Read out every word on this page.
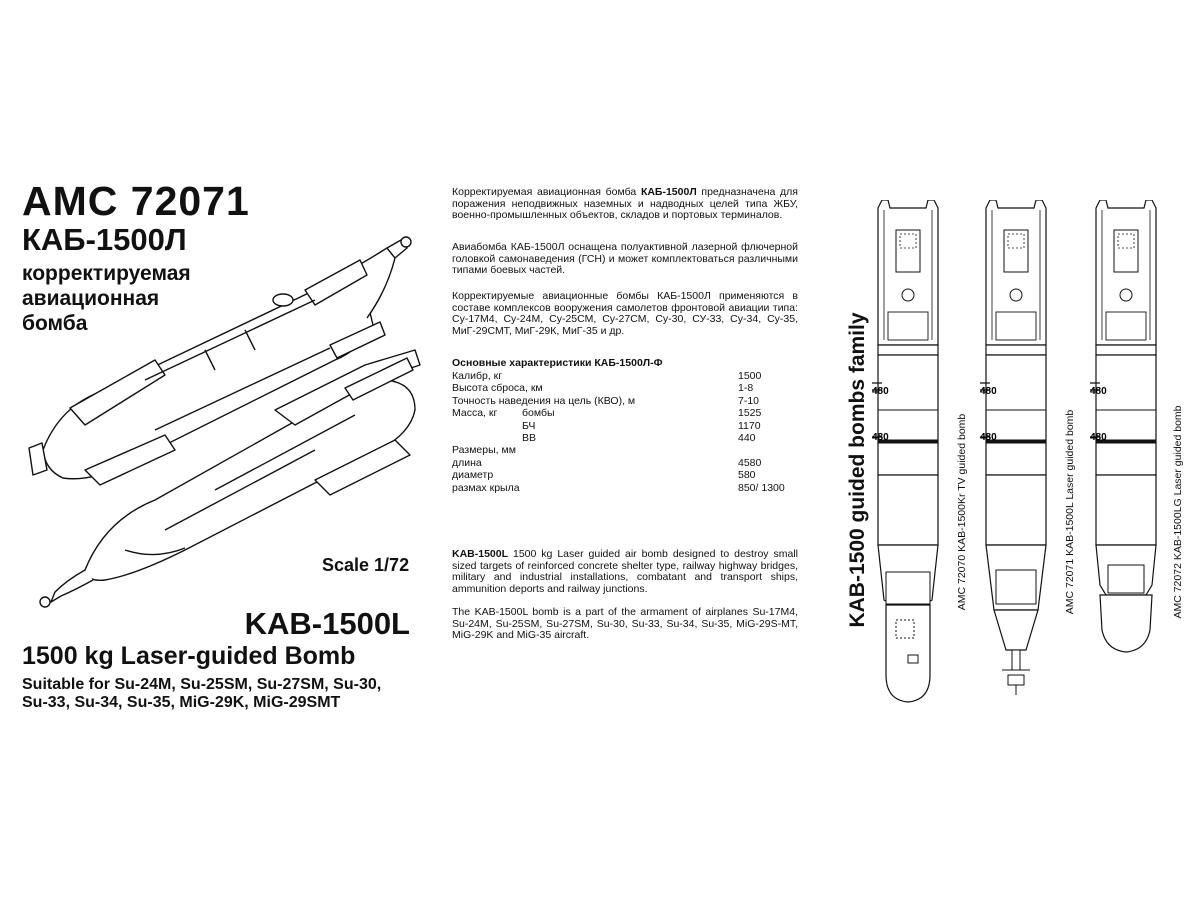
AMC 72071
КАБ-1500Л
корректируемая
авиационная
бомба
Scale 1/72
KAB-1500L
1500 kg Laser-guided Bomb
Suitable for Su-24M, Su-25SM, Su-27SM, Su-30,
Su-33, Su-34, Su-35, MiG-29K, MiG-29SMT
Корректируемая авиационная бомба КАБ-1500Л предназначена для поражения неподвижных наземных и надводных целей типа ЖБУ, военно-промышленных объектов, складов и портовых терминалов.
Авиабомба КАБ-1500Л оснащена полуактивной лазерной флючерной головкой самонаведения (ГСН) и может комплектоваться различными типами боевых частей.
Корректируемые авиационные бомбы КАБ-1500Л применяются в составе комплексов вооружения самолетов фронтовой авиации типа: Су-17М4, Су-24М, Су-25СМ, Су-27СМ, Су-30, СУ-33, Су-34, Су-35, МиГ-29СМТ, МиГ-29К, МиГ-35 и др.
Основные характеристики КАБ-1500Л-Ф
Калибр, кг	1500
Высота сброса, км	1-8
Точность наведения на цель (КВО), м	7-10
Масса, кг бомбы	1525
БЧ	1170
ВВ	440
Размеры, мм
длина	4580
диаметр	580
размах крыла	850/ 1300
KAB-1500L 1500 kg Laser guided air bomb designed to destroy small sized targets of reinforced concrete shelter type, railway highway bridges, military and industrial installations, combatant and transport ships, ammunition deports and railway junctions.
The KAB-1500L bomb is a part of the armament of airplanes Su-17M4, Su-24M, Su-25SM, Su-27SM, Su-30, Su-33, Su-34, Su-35, MiG-29S-MT, MiG-29K and MiG-35 aircraft.
KAB-1500 guided bombs family 480
480
480
480
480
480
AMC 72070 KAB-1500Kr TV guided bomb	AMC 72071 KAB-1500L Laser guided bomb	AMC 72072 KAB-1500LG Laser guided bomb
